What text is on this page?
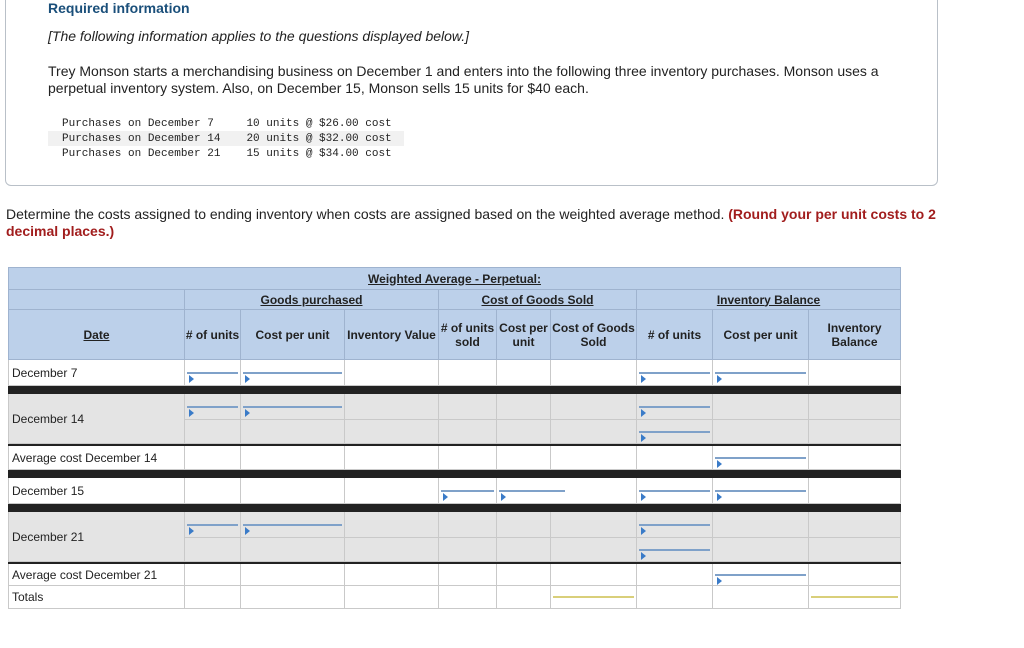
Required information
[The following information applies to the questions displayed below.]
Trey Monson starts a merchandising business on December 1 and enters into the following three inventory purchases. Monson uses a perpetual inventory system. Also, on December 15, Monson sells 15 units for $40 each.
Purchases on December 7	10 units @ $26.00 cost
Purchases on December 14	20 units @ $32.00 cost
Purchases on December 21	15 units @ $34.00 cost
Determine the costs assigned to ending inventory when costs are assigned based on the weighted average method. (Round your per unit costs to 2 decimal places.)
Weighted Average - Perpetual:									
	Goods purchased			Cost of Goods Sold			Inventory Balance		
Date	# of units	Cost per unit	Inventory Value	# of units sold	Cost per unit	Cost of Goods Sold	# of units	Cost per unit	Inventory Balance
December 7	

December 14	

Average cost December 14								

December 15					

December 21	

Average cost December 21								

Totals						
